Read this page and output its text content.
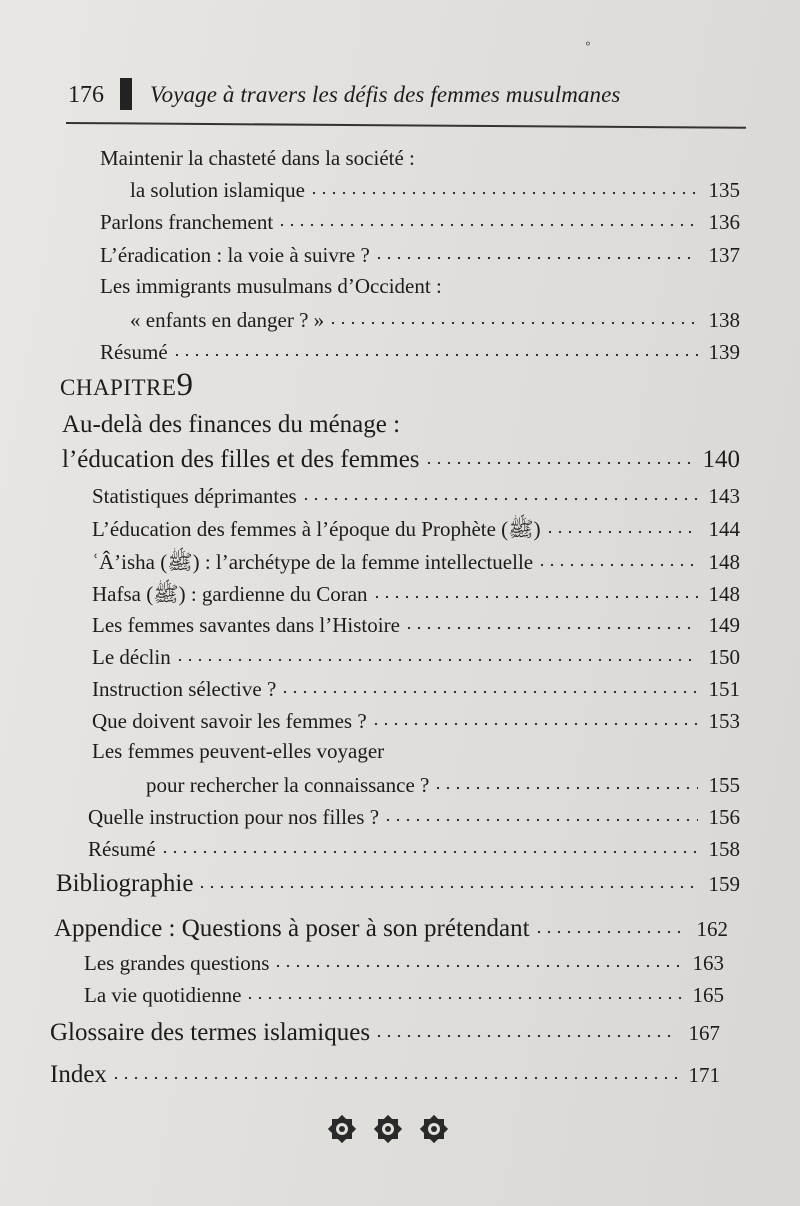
⸰
176 Voyage à travers les défis des femmes musulmanes
Maintenir la chasteté dans la société :
la solution islamique	135
Parlons franchement	136
L’éradication : la voie à suivre ?	137
Les immigrants musulmans d’Occident :
« enfants en danger ? »	138
Résumé	139
CHAPITRE9
Au-delà des finances du ménage :
l’éducation des filles et des femmes	140
Statistiques déprimantes	143
L’éducation des femmes à l’époque du Prophète (ﷺ)	144
ʿÂ’isha (ﷺ) : l’archétype de la femme intellectuelle	148
Hafsa (ﷺ) : gardienne du Coran	148
Les femmes savantes dans l’Histoire	149
Le déclin	150
Instruction sélective ?	151
Que doivent savoir les femmes ?	153
Les femmes peuvent-elles voyager
pour rechercher la connaissance ?	155
Quelle instruction pour nos filles ?	156
Résumé	158
Bibliographie	159
Appendice : Questions à poser à son prétendant	162
Les grandes questions	163
La vie quotidienne	165
Glossaire des termes islamiques	167
Index	171
